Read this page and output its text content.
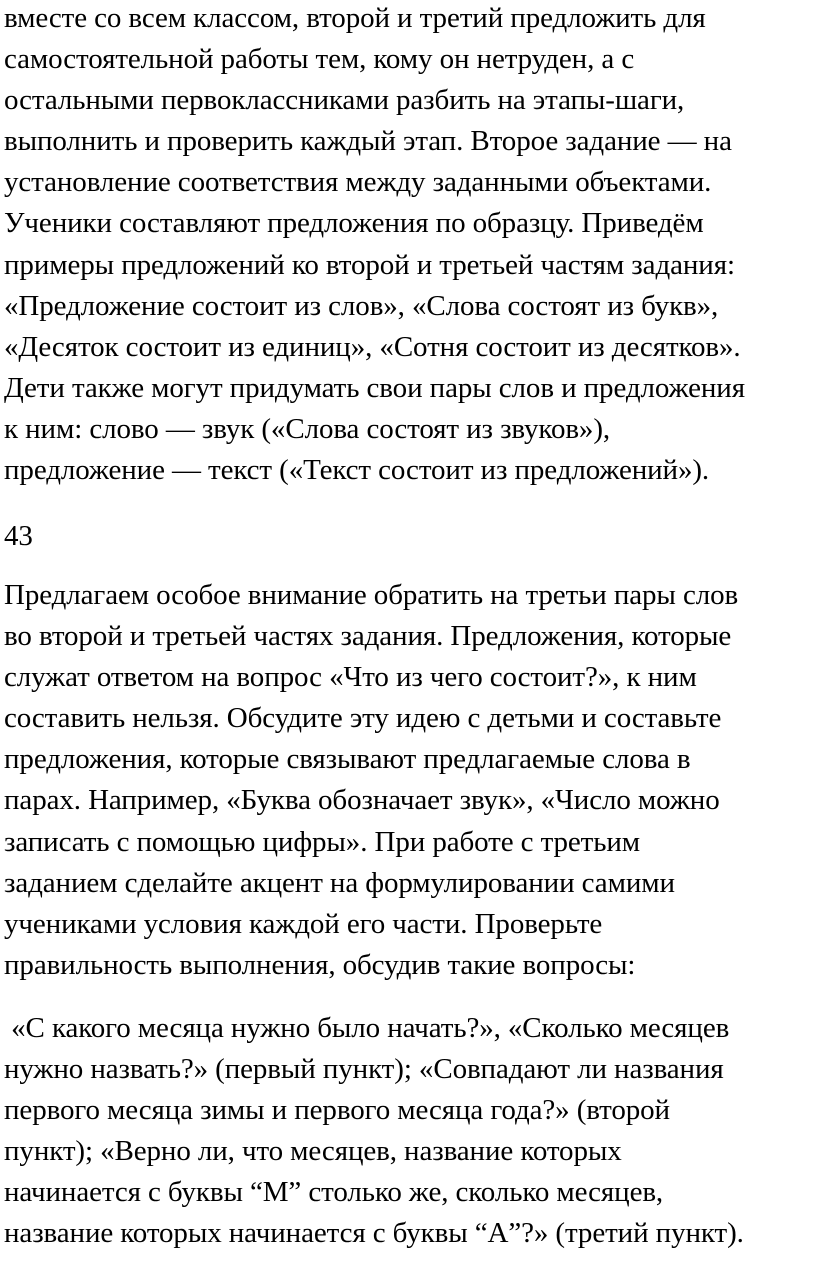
вместе со всем классом, второй и третий предложить для
самостоятельной работы тем, кому он нетруден, а с
остальными первоклассниками разбить на этапы-шаги,
выполнить и проверить каждый этап. Второе задание — на
установление соответствия между заданными объектами.
Ученики составляют предложения по образцу. Приведём
примеры предложений ко второй и третьей частям задания:
«Предложение состоит из слов», «Слова состоят из букв»,
«Десяток состоит из единиц», «Сотня состоит из десятков».
Дети также могут придумать свои пары слов и предложения
к ним: слово — звук («Слова состоят из звуков»),
предложение — текст («Текст состоит из предложений»).
43
Предлагаем особое внимание обратить на третьи пары слов
во второй и третьей частях задания. Предложения, которые
служат ответом на вопрос «Что из чего состоит?», к ним
составить нельзя. Обсудите эту идею с детьми и составьте
предложения, которые связывают предлагаемые слова в
парах. Например, «Буква обозначает звук», «Число можно
записать с помощью цифры». При работе с третьим
заданием сделайте акцент на формулировании самими
учениками условия каждой его части. Проверьте
правильность выполнения, обсудив такие вопросы:
«С какого месяца нужно было начать?», «Сколько месяцев
нужно назвать?» (первый пункт); «Совпадают ли названия
первого месяца зимы и первого месяца года?» (второй
пункт); «Верно ли, что месяцев, название которых
начинается с буквы “М” столько же, сколько месяцев,
название которых начинается с буквы “А”?» (третий пункт).
